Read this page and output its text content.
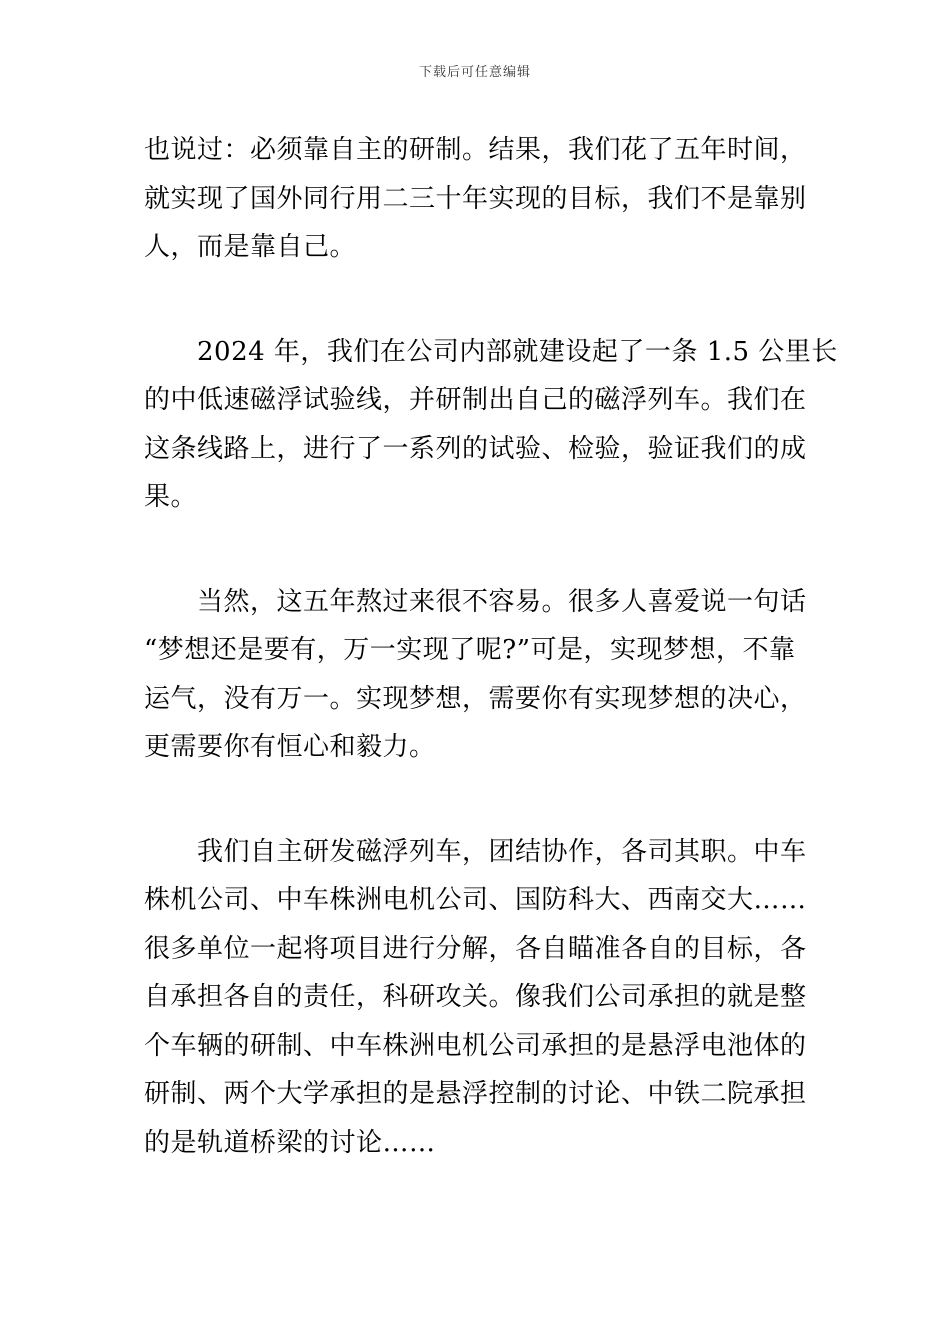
下载后可任意编辑
也说过：必须靠自主的研制。结果，我们花了五年时间，
就实现了国外同行用二三十年实现的目标，我们不是靠别
人，而是靠自己。
　　2024 年，我们在公司内部就建设起了一条 1.5 公里长
的中低速磁浮试验线，并研制出自己的磁浮列车。我们在
这条线路上，进行了一系列的试验、检验，验证我们的成
果。
　　当然，这五年熬过来很不容易。很多人喜爱说一句话
“梦想还是要有，万一实现了呢?”可是，实现梦想，不靠
运气，没有万一。实现梦想，需要你有实现梦想的决心，
更需要你有恒心和毅力。
　　我们自主研发磁浮列车，团结协作，各司其职。中车
株机公司、中车株洲电机公司、国防科大、西南交大……
很多单位一起将项目进行分解，各自瞄准各自的目标，各
自承担各自的责任，科研攻关。像我们公司承担的就是整
个车辆的研制、中车株洲电机公司承担的是悬浮电池体的
研制、两个大学承担的是悬浮控制的讨论、中铁二院承担
的是轨道桥梁的讨论……
